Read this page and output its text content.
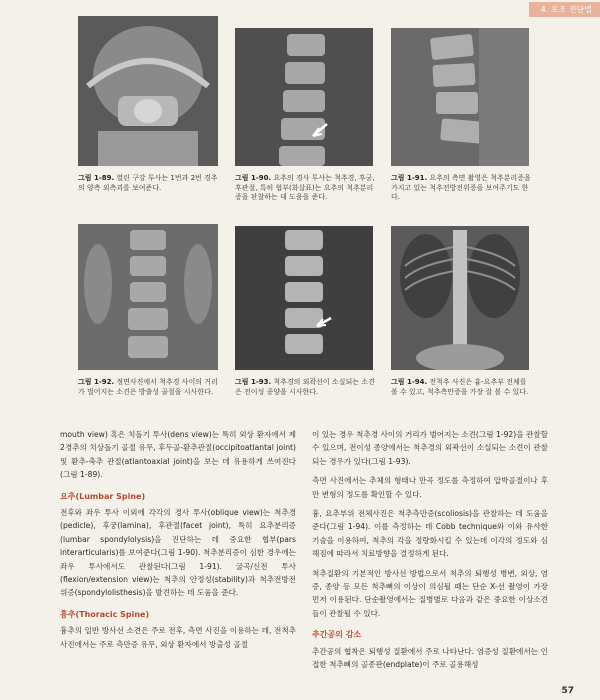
4. 포조 진단법
그림 1-89. 열린 구강 투사는 1번과 2번 경추의 양측 외측괴를 보여준다.
그림 1-90. 요추의 경사 투사는 척추경, 후궁, 후관절, 특히 협부(화살표)는 요추의 척추분리증을 판찰하는 데 도움을 준다.
그림 1-91. 요추의 측면 촬영은 척추분리증을 가지고 있는 척추전방전위증을 보여주기도 한다.
그림 1-92. 정면사진에서 척추경 사이의 거리가 벌어지는 소견은 방출성 골절을 시사한다.
그림 1-93. 척추경의 외곽선이 소실되는 소견은 전이성 종양을 시사한다.
그림 1-94. 전척추 사진은 흉-요추부 전체를 볼 수 있고, 척추측만증을 가장 잘 볼 수 있다.

mouth view) 혹은 치돌기 투사(dens view)는 특히 외상 환자에서 제2경추의 치상돌기 골절 유무, 후두골-환추관절(occipitoatlantal joint) 및 환추-축추 관절(atlantoaxial joint)을 보는 데 유용하게 쓰여진다(그림 1-89).

요추(Lumbar Spine)

전후와 좌우 투사 이외에 각각의 경사 투사(oblique view)는 척추경(pedicle), 후궁(lamina), 후관절(facet joint), 특히 요추분리증(lumbar spondylolysis)을 진단하는 데 중요한 협부(pars interarticularis)를 보여준다(그림 1-90). 척추분리증이 심한 경우에는 좌우 투사에서도 관찰된다(그림 1-91). 굴곡/신전 투사(flexion/extension view)는 척추의 안정성(stability)과 척추전방전위증(spondylolisthesis)을 발견하는 데 도움을 준다.

흉추(Thoracic Spine)

흉추의 일반 방사선 소견은 주로 전후, 측면 사진을 이용하는 데, 전척추 사진에서는 주로 측만증 유무, 외상 환자에서 방출성 골절

이 있는 경우 척추경 사이의 거리가 벌어지는 소견(그림 1-92)을 관찰할 수 있으며, 전이성 종양에서는 척추경의 외곽선이 소실되는 소견이 관찰되는 경우가 있다(그림 1-93).

측면 사진에서는 추체의 형태나 만곡 정도를 측정하여 압박골절이나 후만 변형의 정도를 확인할 수 있다.

흉, 요추부위 전체사진은 척추측만증(scoliosis)을 관찰하는 데 도움을 준다(그림 1-94). 이를 측정하는 데 Cobb technique와 이와 유사한 기술을 이용하여, 척추의 각을 정량화시킬 수 있는데 이각의 정도와 심해짐에 따라서 치료방향을 결정하게 된다.

척추질환의 기본적인 방사선 방법으로서 척추의 퇴행성 병변, 외상, 염증, 종양 등 모든 척추뼈의 이상이 의심될 때는 단순 X-선 촬영이 가장 먼저 이용된다. 단순촬영에서는 질병별로 다음과 같은 중요한 이상소견들이 관찰될 수 있다.

추간공의 감소

추간공의 협착은 퇴행성 질환에서 주로 나타난다. 염증성 질환에서는 인접한 척추뼈의 골종판(endplate)이 주로 골용해성

57
